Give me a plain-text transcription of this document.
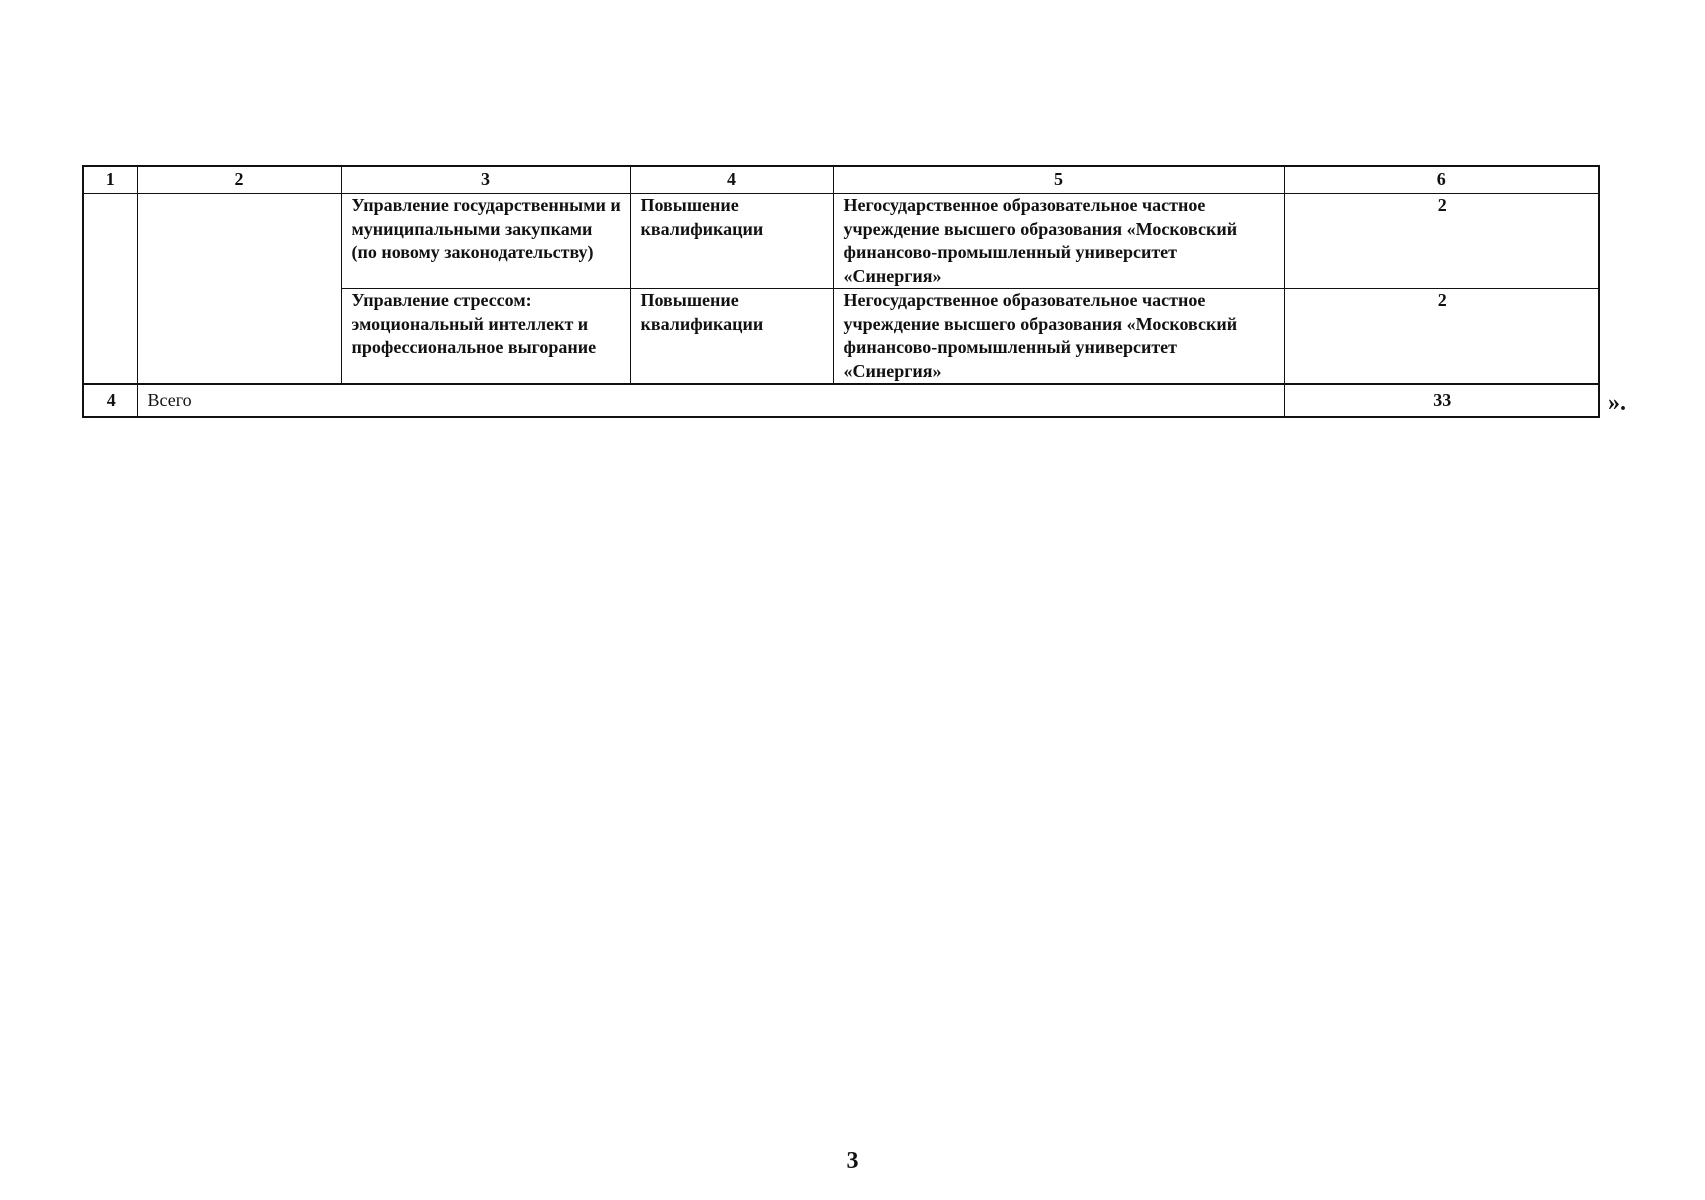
1	2	3	4	5	6
		Управление государственными и муниципальными закупками (по новому законодательству)	Повышение квалификации	Негосударственное образовательное частное учреждение высшего образования «Московский финансово-промышленный университет «Синергия»	2
		Управление стрессом: эмоциональный интеллект и профессиональное выгорание	Повышение квалификации	Негосударственное образовательное частное учреждение высшего образования «Московский финансово-промышленный университет «Синергия»	2
4	Всего				33	».
3
